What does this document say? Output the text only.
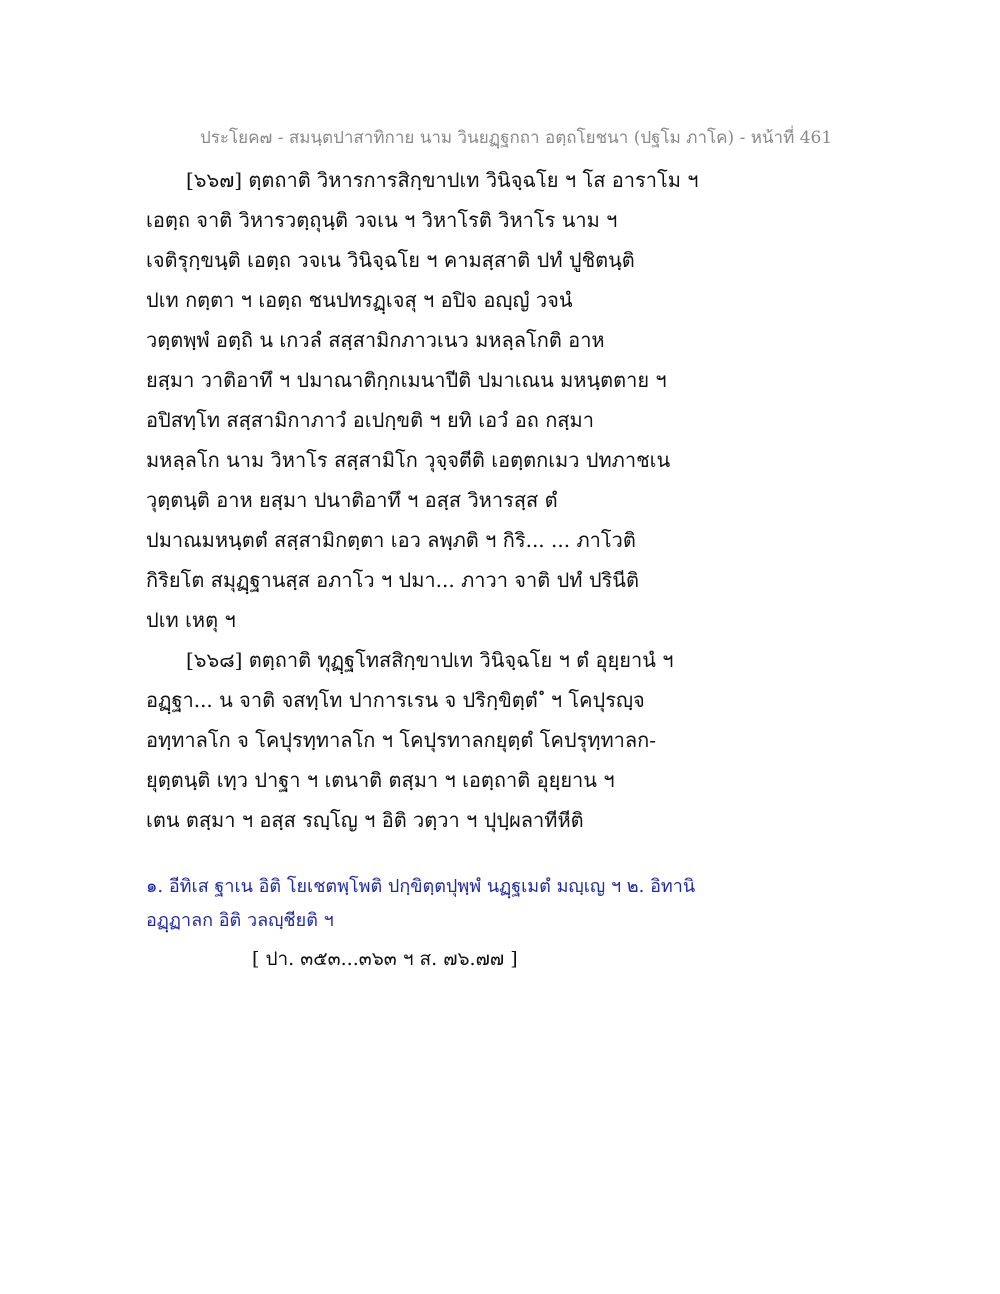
ประโยค๗ - สมนฺตปาสาทิกาย นาม วินยฏฺฐกถา อตฺถโยชนา (ปฐโม ภาโค) - หน้าที่ 461
[๖๖๗] ตฺตถาติ วิหารการสิกฺขาปเท วินิจฺฉโย ฯ โส อาราโม ฯ
เอตฺถ จาติ วิหารวตฺถุนฺติ วจเน ฯ วิหาโรติ วิหาโร นาม ฯ
เจติรุกฺขนฺติ เอตฺถ วจเน วินิจฺฉโย ฯ คามสฺสาติ ปทํ ปูชิตนฺติ
ปเท กตฺตา ฯ เอตฺถ ชนปทรฏฺเจสุ ฯ อปิจ อญฺญํ วจนํ
วตฺตพฺพํ อตฺถิ น เกวลํ สสฺสามิกภาวเนว มหลฺลโกติ อาห
ยสฺมา วาติอาทึ ฯ ปมาณาติกฺกเมนาปีติ ปมาเณน มหนฺตตาย ฯ
อปิสทฺโท สสฺสามิกาภาวํ อเปกฺขติ ฯ ยทิ เอวํ อถ กสฺมา
มหลฺลโก นาม วิหาโร สสฺสามิโก วุจฺจตีติ เอตฺตกเมว ปทภาชเน
วุตฺตนฺติ อาห ยสฺมา ปนาติอาทึ ฯ อสฺส วิหารสฺส ตํ
ปมาณมหนฺตตํ สสฺสามิกตฺตา เอว ลพฺภติ ฯ กิริ... ... ภาโวติ
กิริยโต สมุฏฺฐานสฺส อภาโว ฯ ปมา... ภาวา จาติ ปทํ ปรินีติ
ปเท เหตุ ฯ
[๖๖๘] ตตฺถาติ ทุฏฺฐโทสสิกฺขาปเท วินิจฺฉโย ฯ ตํ อุยฺยานํ ฯ
อฏฺฐา... น จาติ จสทฺโท ปาการเรน จ ปริกฺขิตฺตํ ํ ฯ โคปุรญฺจ
อทฺทาลโก จ โคปุรทฺทาลโก ฯ โคปุรทาลกยุตฺตํ โคปรุทฺทาลก-
ยุตฺตนฺติ เทฺว ปาฐา ฯ เตนาติ ตสฺมา ฯ เอตฺถาติ อุยฺยาน ฯ
เตน ตสฺมา ฯ อสฺส รญฺโญ ฯ อิติ วตฺวา ฯ ปุปฺผลาทีหีติ
๑. อีทิเส ฐาเน อิติ โยเชตพฺโพติ ปกฺขิตฺตปุพฺพํ นฏฺฐเมตํ มญฺเญ ฯ ๒. อิทานิ
อฏฺฏาลก อิติ วลญฺชียติ ฯ
[ ปา. ๓๕๓...๓๖๓ ฯ ส. ๗๖.๗๗ ]
